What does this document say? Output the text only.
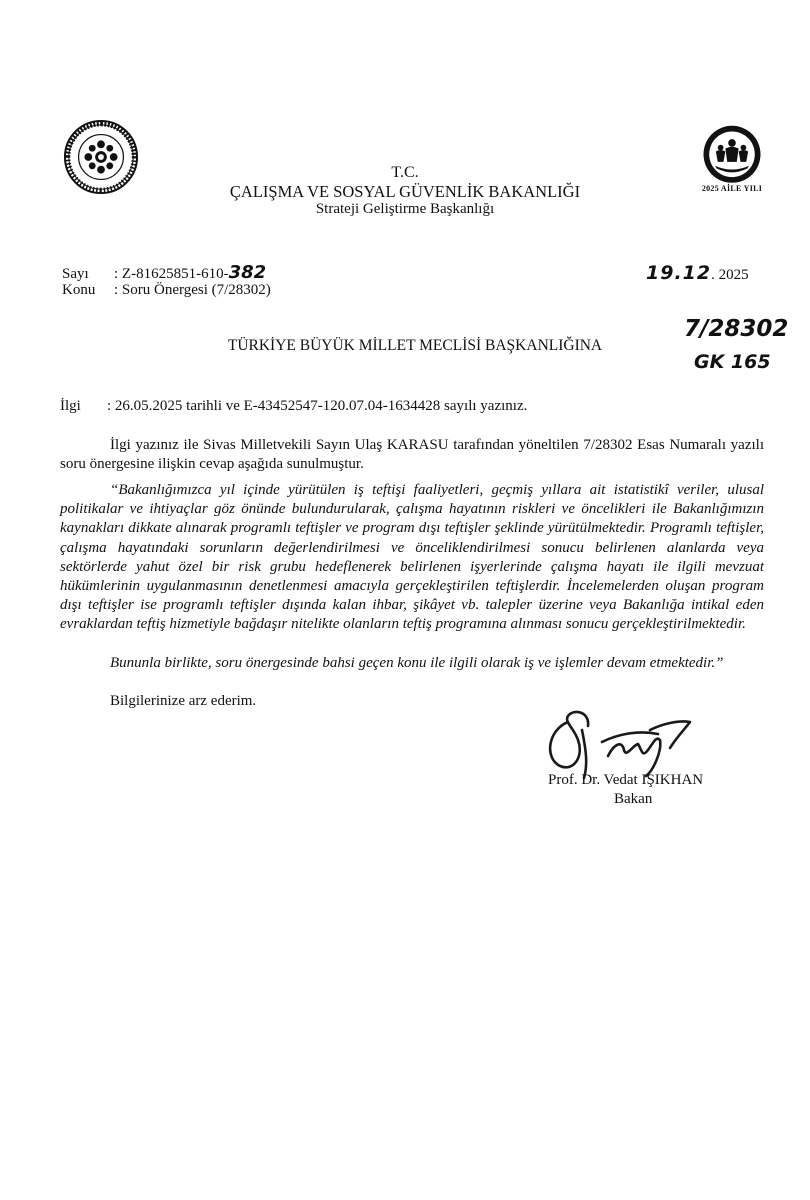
2025 AİLE YILI
T.C.
ÇALIŞMA VE SOSYAL GÜVENLİK BAKANLIĞI
Strateji Geliştirme Başkanlığı
Sayı : Z-81625851-610-382
Konu : Soru Önergesi (7/28302)
19.12. 2025
TÜRKİYE BÜYÜK MİLLET MECLİSİ BAŞKANLIĞINA
7/28302
GK 165
İlgi : 26.05.2025 tarihli ve E-43452547-120.07.04-1634428 sayılı yazınız.
İlgi yazınız ile Sivas Milletvekili Sayın Ulaş KARASU tarafından yöneltilen 7/28302 Esas Numaralı yazılı soru önergesine ilişkin cevap aşağıda sunulmuştur.
“Bakanlığımızca yıl içinde yürütülen iş teftişi faaliyetleri, geçmiş yıllara ait istatistikî veriler, ulusal politikalar ve ihtiyaçlar göz önünde bulundurularak, çalışma hayatının riskleri ve öncelikleri ile Bakanlığımızın kaynakları dikkate alınarak programlı teftişler ve program dışı teftişler şeklinde yürütülmektedir. Programlı teftişler, çalışma hayatındaki sorunların değerlendirilmesi ve önceliklendirilmesi sonucu belirlenen alanlarda veya sektörlerde yahut özel bir risk grubu hedeflenerek belirlenen işyerlerinde çalışma hayatı ile ilgili mevzuat hükümlerinin uygulanmasının denetlenmesi amacıyla gerçekleştirilen teftişlerdir. İncelemelerden oluşan program dışı teftişler ise programlı teftişler dışında kalan ihbar, şikâyet vb. talepler üzerine veya Bakanlığa intikal eden evraklardan teftiş hizmetiyle bağdaşır nitelikte olanların teftiş programına alınması sonucu gerçekleştirilmektedir.
Bununla birlikte, soru önergesinde bahsi geçen konu ile ilgili olarak iş ve işlemler devam etmektedir.”
Bilgilerinize arz ederim.
Prof. Dr. Vedat IŞIKHAN
Bakan
